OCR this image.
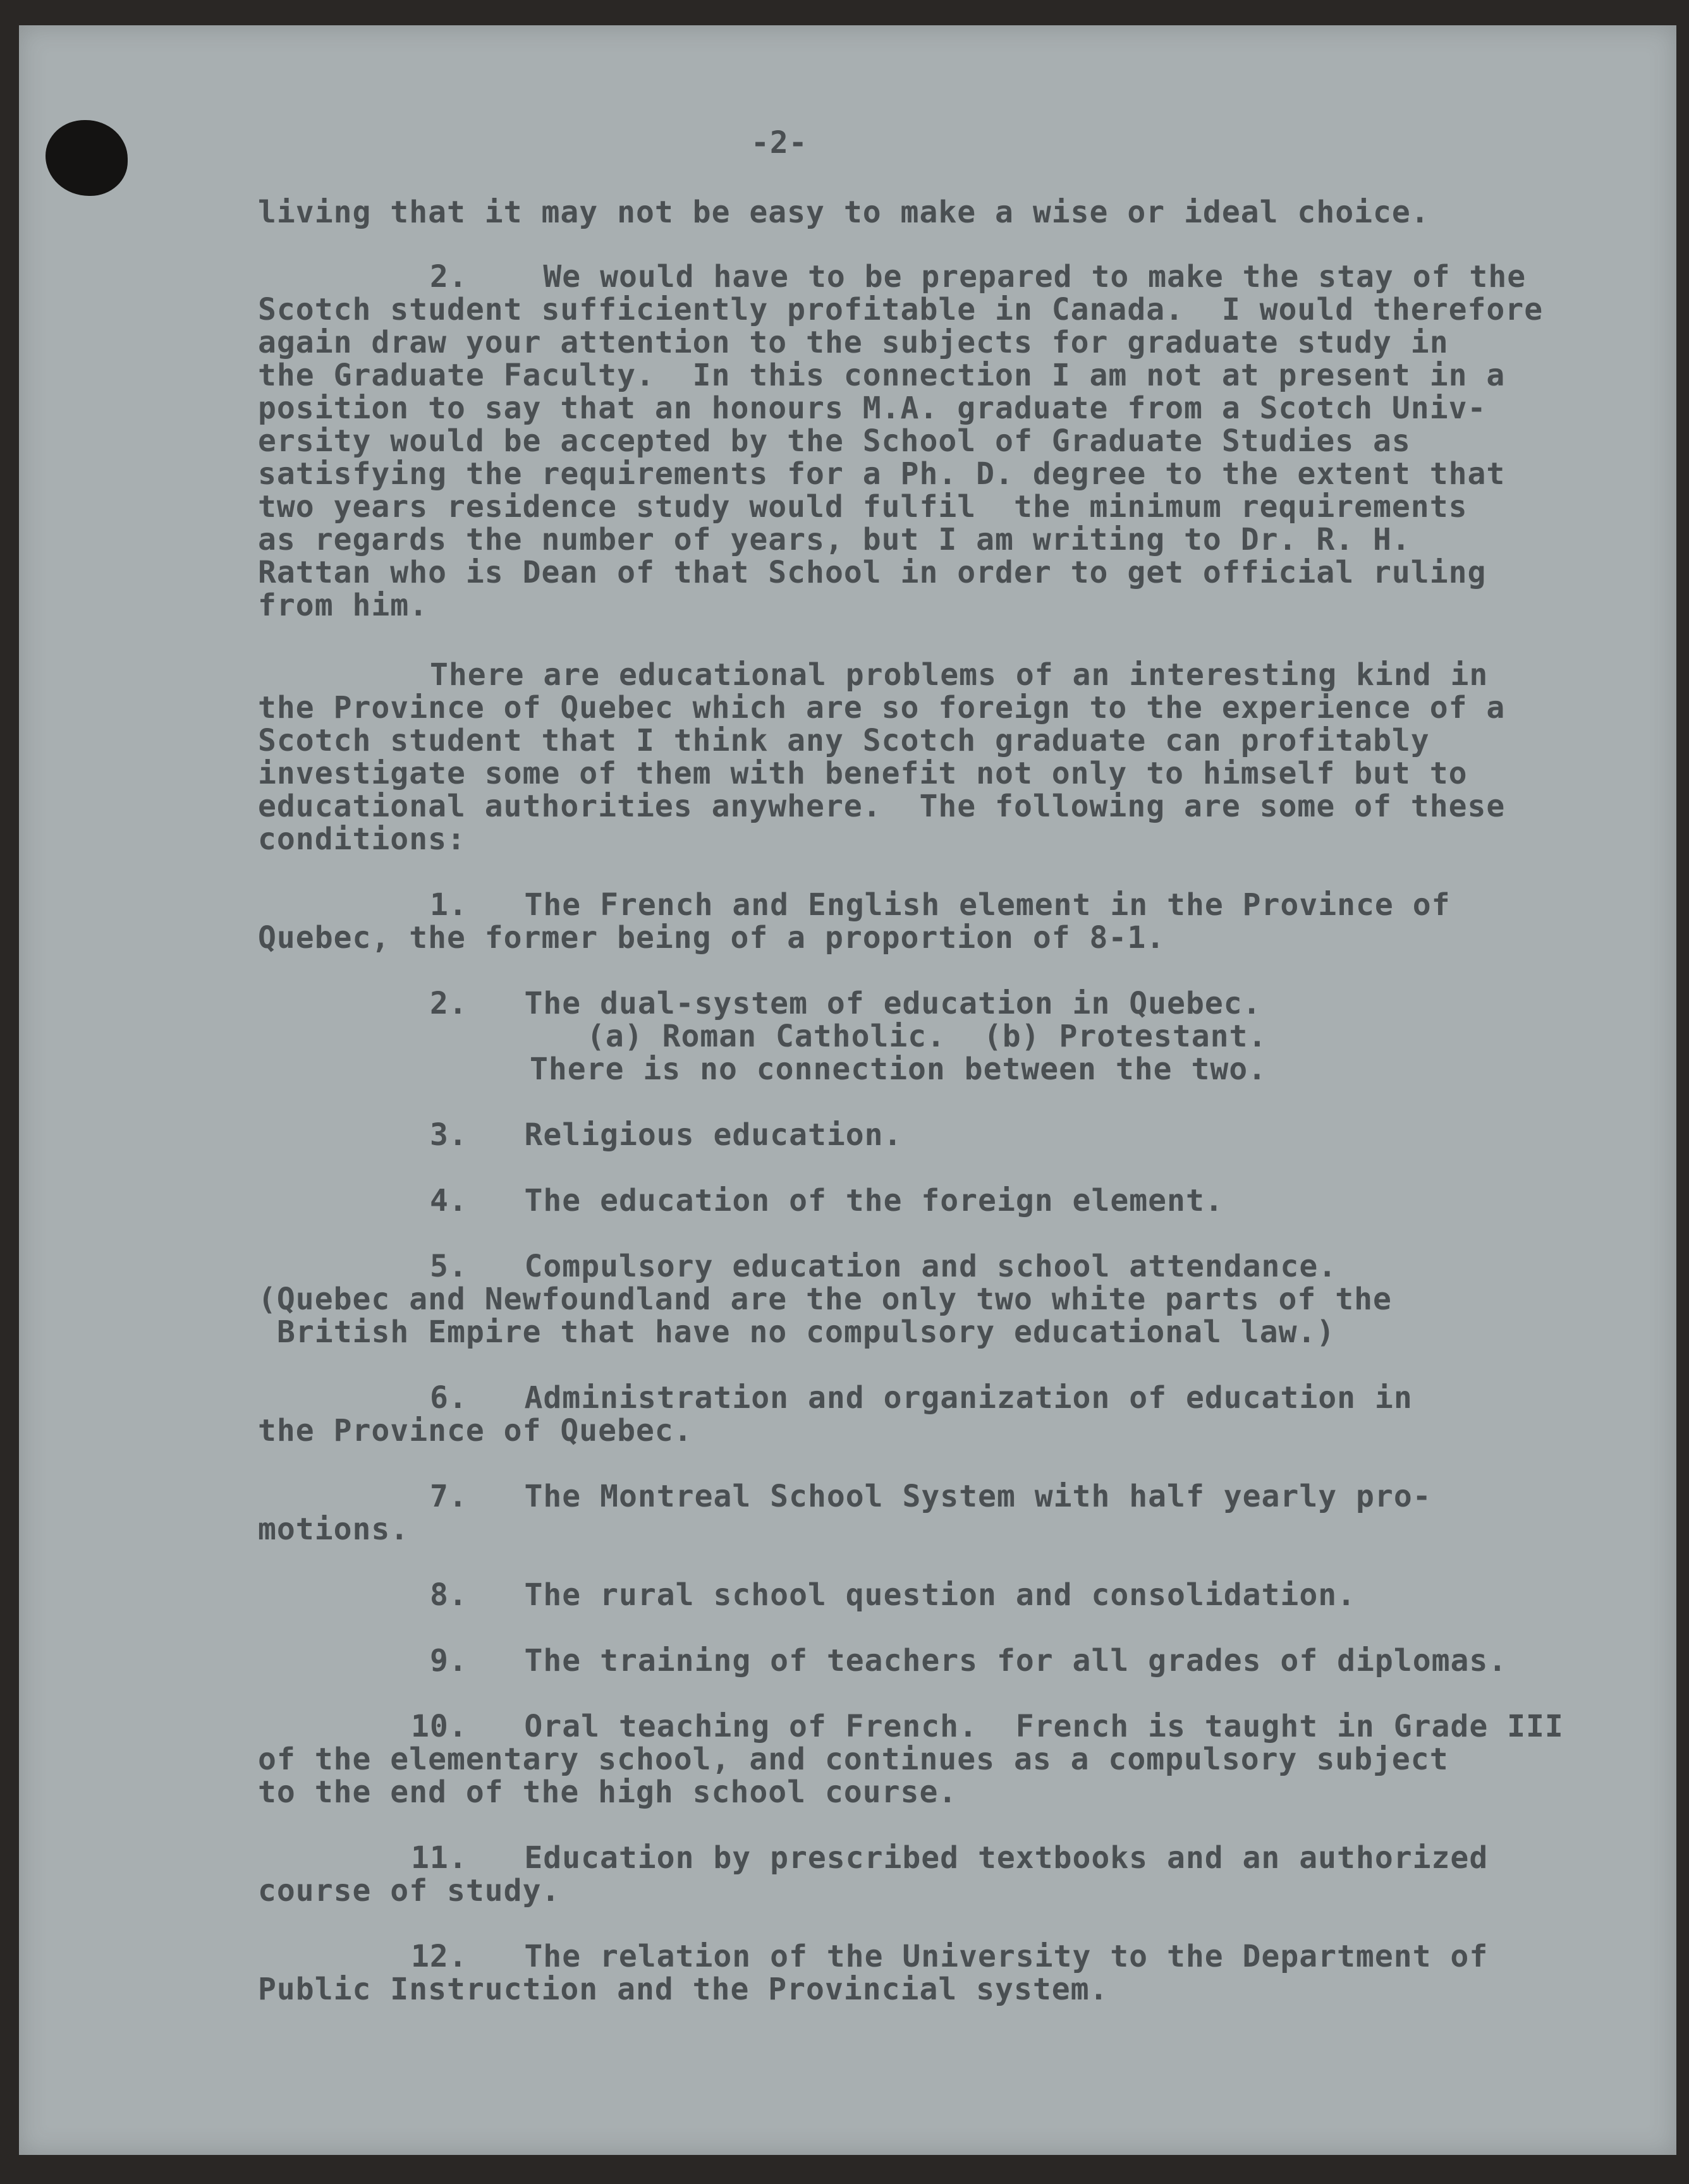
-2-
living that it may not be easy to make a wise or ideal choice.
2.    We would have to be prepared to make the stay of the
Scotch student sufficiently profitable in Canada.  I would therefore
again draw your attention to the subjects for graduate study in
the Graduate Faculty.  In this connection I am not at present in a
position to say that an honours M.A. graduate from a Scotch Univ-
ersity would be accepted by the School of Graduate Studies as
satisfying the requirements for a Ph. D. degree to the extent that
two years residence study would fulfil  the minimum requirements
as regards the number of years, but I am writing to Dr. R. H.
Rattan who is Dean of that School in order to get official ruling
from him.
There are educational problems of an interesting kind in
the Province of Quebec which are so foreign to the experience of a
Scotch student that I think any Scotch graduate can profitably
investigate some of them with benefit not only to himself but to
educational authorities anywhere.  The following are some of these
conditions:
1.   The French and English element in the Province of
Quebec, the former being of a proportion of 8-1.
2.   The dual-system of education in Quebec.
(a) Roman Catholic.  (b) Protestant.
There is no connection between the two.
3.   Religious education.
4.   The education of the foreign element.
5.   Compulsory education and school attendance.
(Quebec and Newfoundland are the only two white parts of the
British Empire that have no compulsory educational law.)
6.   Administration and organization of education in
the Province of Quebec.
7.   The Montreal School System with half yearly pro-
motions.
8.   The rural school question and consolidation.
9.   The training of teachers for all grades of diplomas.
10.   Oral teaching of French.  French is taught in Grade III
of the elementary school, and continues as a compulsory subject
to the end of the high school course.
11.   Education by prescribed textbooks and an authorized
course of study.
12.   The relation of the University to the Department of
Public Instruction and the Provincial system.
